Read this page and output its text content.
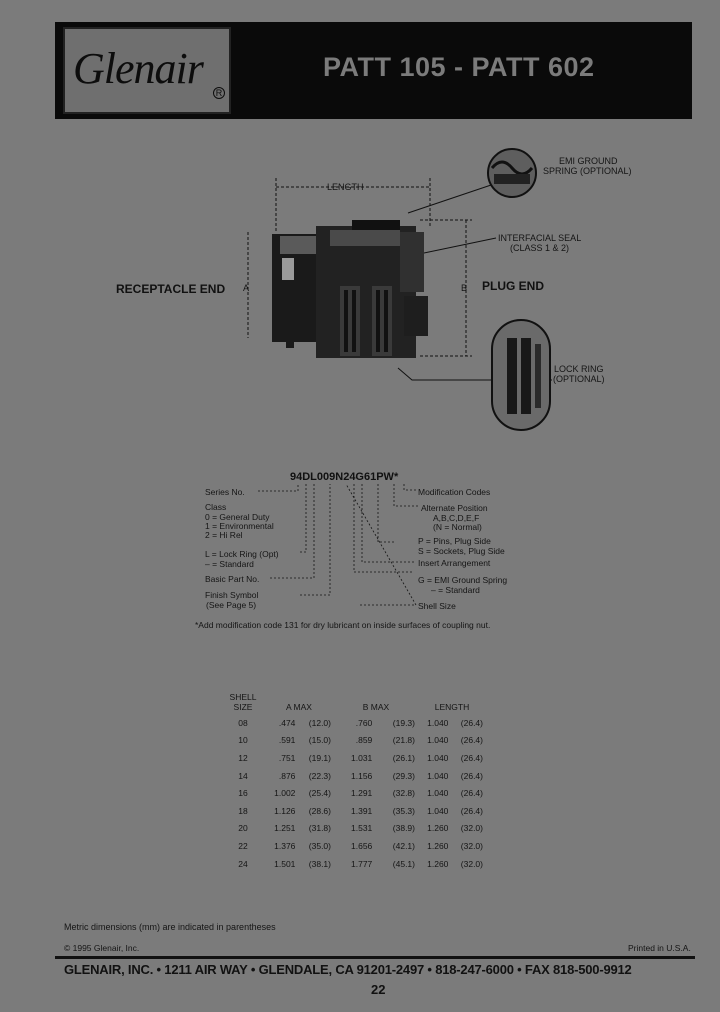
Glenair	R
PATT 105 - PATT 602
LENGTH
EMI GROUND
SPRING (OPTIONAL)
INTERFACIAL SEAL
(CLASS 1 & 2)
RECEPTACLE END A	B PLUG END
LOCK RING
(OPTIONAL)
94DL009N24G61PW*
Series No.
Class
0 = General Duty
1 = Environmental
2 = Hi Rel
L = Lock Ring (Opt)
– = Standard
Basic Part No.
Finish Symbol
(See Page 5)
Modification Codes
Alternate Position
A,B,C,D,E,F
(N = Normal)
P = Pins, Plug Side
S = Sockets, Plug Side
Insert Arrangement
G = EMI Ground Spring
– = Standard
Shell Size
*Add modification code 131 for dry lubricant on inside surfaces of coupling nut.
SHELL SIZE	A MAX		B MAX		LENGTH	
08	.474	(12.0)	.760	(19.3)	1.040	(26.4)
10	.591	(15.0)	.859	(21.8)	1.040	(26.4)
12	.751	(19.1)	1.031	(26.1)	1.040	(26.4)
14	.876	(22.3)	1.156	(29.3)	1.040	(26.4)
16	1.002	(25.4)	1.291	(32.8)	1.040	(26.4)
18	1.126	(28.6)	1.391	(35.3)	1.040	(26.4)
20	1.251	(31.8)	1.531	(38.9)	1.260	(32.0)
22	1.376	(35.0)	1.656	(42.1)	1.260	(32.0)
24	1.501	(38.1)	1.777	(45.1)	1.260	(32.0)
Metric dimensions (mm) are indicated in parentheses
© 1995 Glenair, Inc.	Printed in U.S.A.
GLENAIR, INC. • 1211 AIR WAY • GLENDALE, CA 91201-2497 • 818-247-6000 • FAX 818-500-9912
22
